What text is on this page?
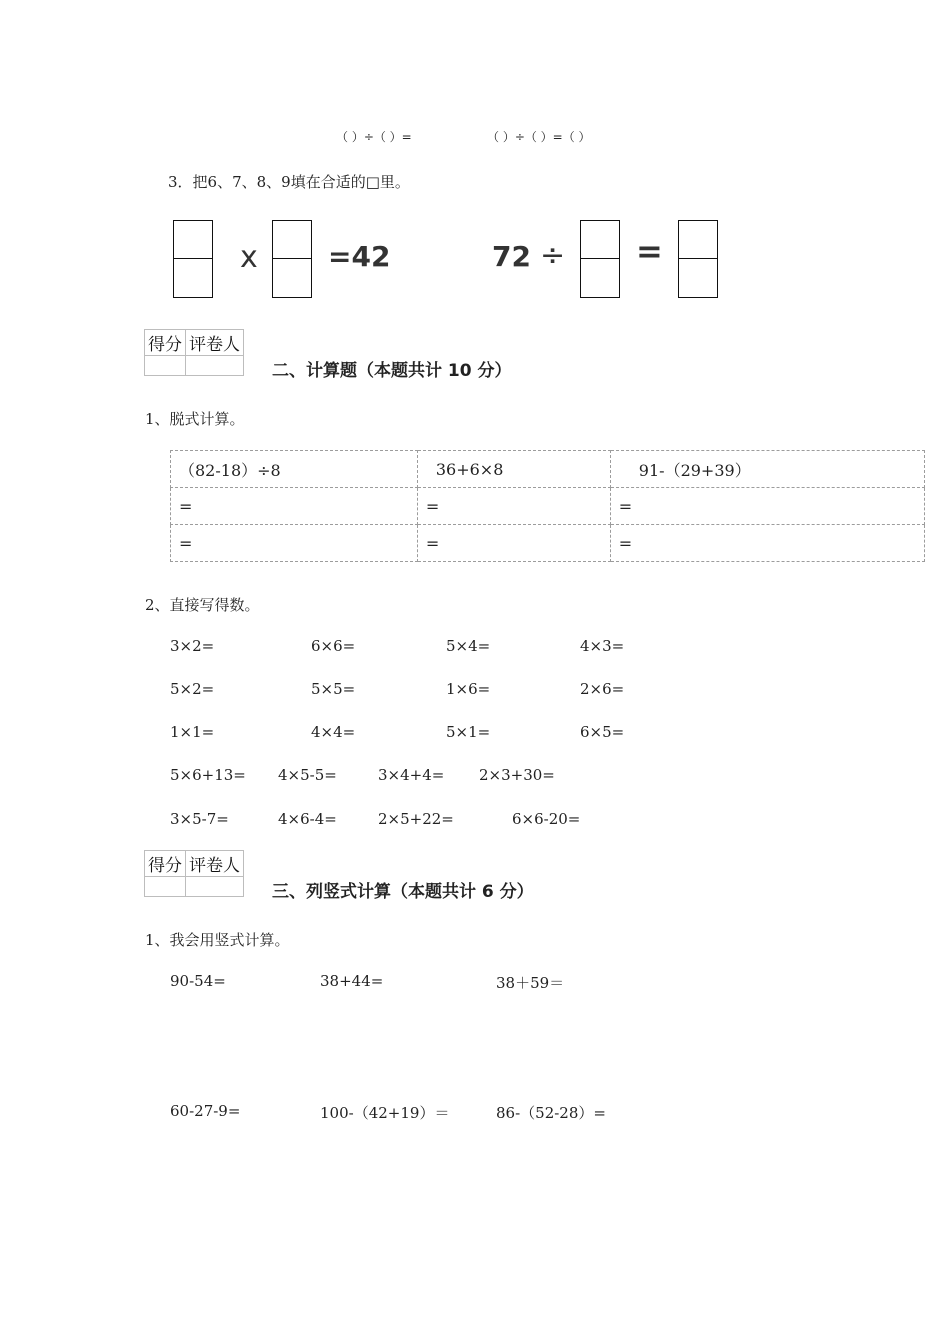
（ ）÷（ ）=	（ ）÷（ ）=（ ）
3．把6、7、8、9填在合适的□里。
x	=42	72 ÷ =
得分	评卷人

二、计算题（本题共计 10 分）
1、脱式计算。
（82-18）÷8	36+6×8	91-（29+39）
=	=	=
=	=	=
2、直接写得数。
3×2=	6×6=	5×4=	4×3=
5×2=	5×5=	1×6=	2×6=
1×1=	4×4=	5×1=	6×5=
5×6+13= 4×5-5=	3×4+4= 2×3+30=
3×5-7=	4×6-4=	2×5+22=	6×6-20=
得分	评卷人

三、列竖式计算（本题共计 6 分）
1、我会用竖式计算。
90-54=	38+44=	38＋59＝
60-27-9=	100-（42+19）＝	86-（52-28）=
